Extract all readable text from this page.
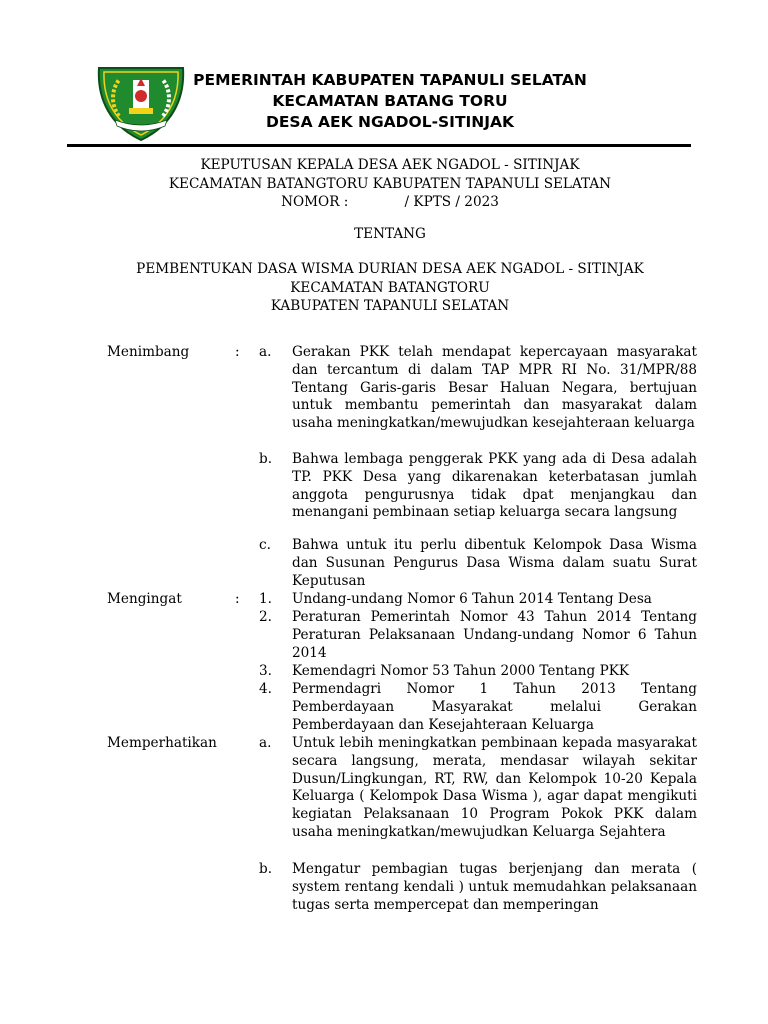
PEMERINTAH KABUPATEN TAPANULI SELATAN
KECAMATAN BATANG TORU
DESA AEK NGADOL-SITINJAK
KEPUTUSAN KEPALA DESA AEK NGADOL - SITINJAK
KECAMATAN BATANGTORU KABUPATEN TAPANULI SELATAN
NOMOR :             / KPTS / 2023
TENTANG
PEMBENTUKAN DASA WISMA DURIAN DESA AEK NGADOL - SITINJAK
KECAMATAN BATANGTORU
KABUPATEN TAPANULI SELATAN
Menimbang	: a. Gerakan PKK telah mendapat kepercayaan masyarakat dan tercantum di dalam TAP MPR RI No. 31/MPR/88 Tentang Garis-garis Besar Haluan Negara, bertujuan untuk membantu pemerintah dan masyarakat dalam usaha meningkatkan/mewujudkan kesejahteraan keluarga
b. Bahwa lembaga penggerak PKK yang ada di Desa adalah TP. PKK Desa yang dikarenakan keterbatasan jumlah anggota pengurusnya tidak dpat menjangkau dan menangani pembinaan setiap keluarga secara langsung
c. Bahwa untuk itu perlu dibentuk Kelompok Dasa Wisma dan Susunan Pengurus Dasa Wisma dalam suatu Surat Keputusan
Mengingat	: 1. Undang-undang Nomor 6 Tahun 2014 Tentang Desa
2. Peraturan Pemerintah Nomor 43 Tahun 2014 Tentang Peraturan Pelaksanaan Undang-undang Nomor 6 Tahun 2014
3. Kemendagri Nomor 53 Tahun 2000 Tentang PKK
4. Permendagri Nomor 1 Tahun 2013 Tentang Pemberdayaan Masyarakat melalui Gerakan Pemberdayaan dan Kesejahteraan Keluarga
Memperhatikan	a. Untuk lebih meningkatkan pembinaan kepada masyarakat secara langsung, merata, mendasar wilayah sekitar Dusun/Lingkungan, RT, RW, dan Kelompok 10-20 Kepala Keluarga ( Kelompok Dasa Wisma ), agar dapat mengikuti kegiatan Pelaksanaan 10 Program Pokok PKK dalam usaha meningkatkan/mewujudkan Keluarga Sejahtera
b. Mengatur pembagian tugas berjenjang dan merata ( system rentang kendali ) untuk memudahkan pelaksanaan tugas serta mempercepat dan memperingan
